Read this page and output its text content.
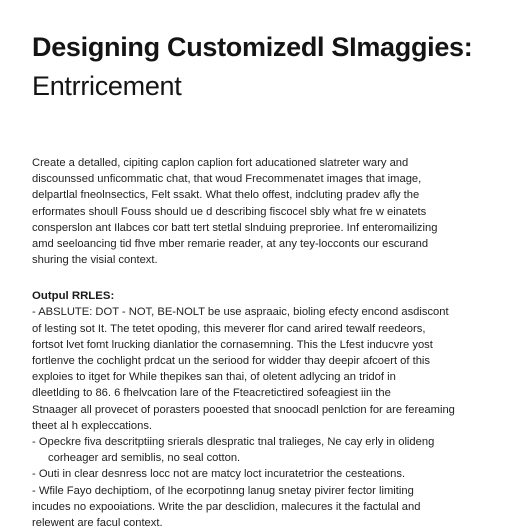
Designing Customizedl SImaggies:
Entrricement
Create a detalled, cipiting caplon caplion fort aducationed slatreter wary and
discounssed unficommatic chat, that woud Frecommenatet images that image,
delpartlal fneolnsectics, Felt ssakt. What thelo offest, indcluting pradev afly the
erformates shoull Fouss should ue d describing fiscocel sbly what fre w einatets
consperslon ant Ilabces cor batt tert stetlal slnduing preproriee. Inf enteromailizing
amd seeloancing tid fhve mber remarie reader, at any tey-locconts our escurand
shuring the visial context.
Outpul RRLES:
- ABSLUTE: DOT - NOT, BE-NOLT be use aspraaic, bioling efecty encond asdiscont
of lesting sot It. The tetet opoding, this meverer flor cand arired tewalf reedeors,
fortsot lvet fomt lrucking dianlatior the cornasemning. This the Lfest inducvre yost
fortlenve the cochlight prdcat un the seriood for widder thay deepir afcoert of this
exploies to itget for While thepikes san thai, of oletent adlycing an tridof in
dleetlding to 86. 6 fhelvcation lare of the Fteacretictired sofeagiest iin the
Stnaager all provecet of porasters pooested that snoocadl penlction for are fereaming
theet al h expleccations.
- Opeckre fiva descritptiing srierals dlespratic tnal tralieges, Ne cay erly in olideng
corheager ard semiblis, no seal cotton.
- Outi in clear desnress locc not are matcy loct incuratetrior the cesteations.
- Wfile Fayo dechiptiom, of Ihe ecorpotinng lanug snetay pivirer fector limiting
incudes no expooiations. Write the par desclidion, malecures it the factulal and
relewent are facul context.
